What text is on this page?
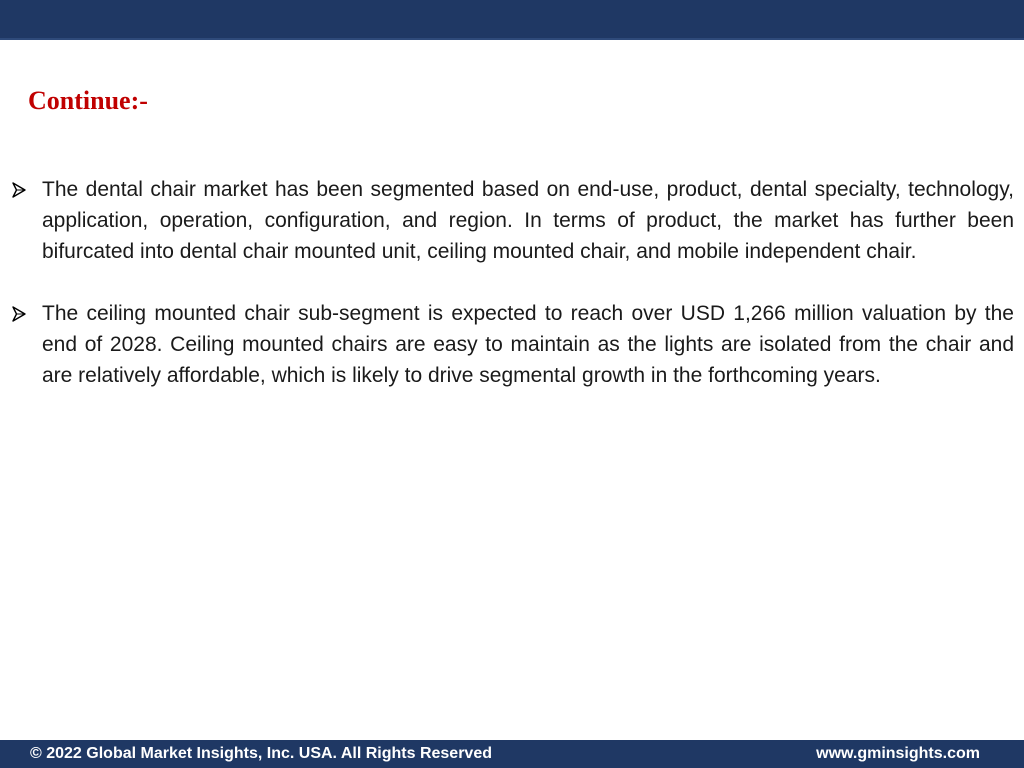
Continue:-
The dental chair market has been segmented based on end-use, product, dental specialty, technology, application, operation, configuration, and region. In terms of product, the market has further been bifurcated into dental chair mounted unit, ceiling mounted chair, and mobile independent chair.
The ceiling mounted chair sub-segment is expected to reach over USD 1,266 million valuation by the end of 2028. Ceiling mounted chairs are easy to maintain as the lights are isolated from the chair and are relatively affordable, which is likely to drive segmental growth in the forthcoming years.
© 2022 Global Market Insights, Inc. USA. All Rights Reserved	www.gminsights.com
